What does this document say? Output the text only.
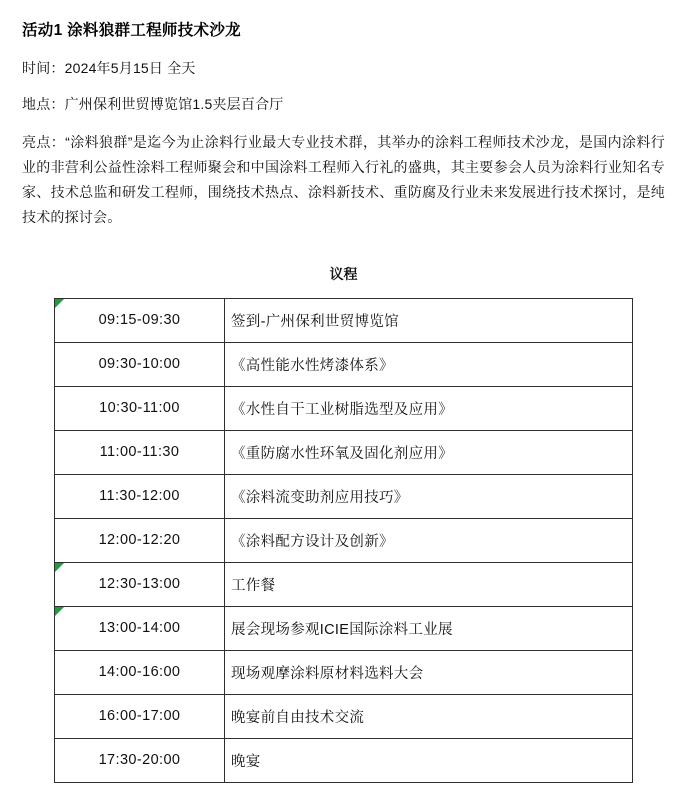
活动1 涂料狼群工程师技术沙龙

时间：2024年5月15日 全天

地点：广州保利世贸博览馆1.5夹层百合厅

亮点：“涂料狼群”是迄今为止涂料行业最大专业技术群，其举办的涂料工程师技术沙龙，是国内涂料行业的非营利公益性涂料工程师聚会和中国涂料工程师入行礼的盛典，其主要参会人员为涂料行业知名专家、技术总监和研发工程师，围绕技术热点、涂料新技术、重防腐及行业未来发展进行技术探讨，是纯技术的探讨会。

议程
09:15-09:30	签到-广州保利世贸博览馆
09:30-10:00	《高性能水性烤漆体系》
10:30-11:00	《水性自干工业树脂选型及应用》
11:00-11:30	《重防腐水性环氧及固化剂应用》
11:30-12:00	《涂料流变助剂应用技巧》
12:00-12:20	《涂料配方设计及创新》
12:30-13:00	工作餐
13:00-14:00	展会现场参观ICIE国际涂料工业展
14:00-16:00	现场观摩涂料原材料选料大会
16:00-17:00	晚宴前自由技术交流
17:30-20:00	晚宴
